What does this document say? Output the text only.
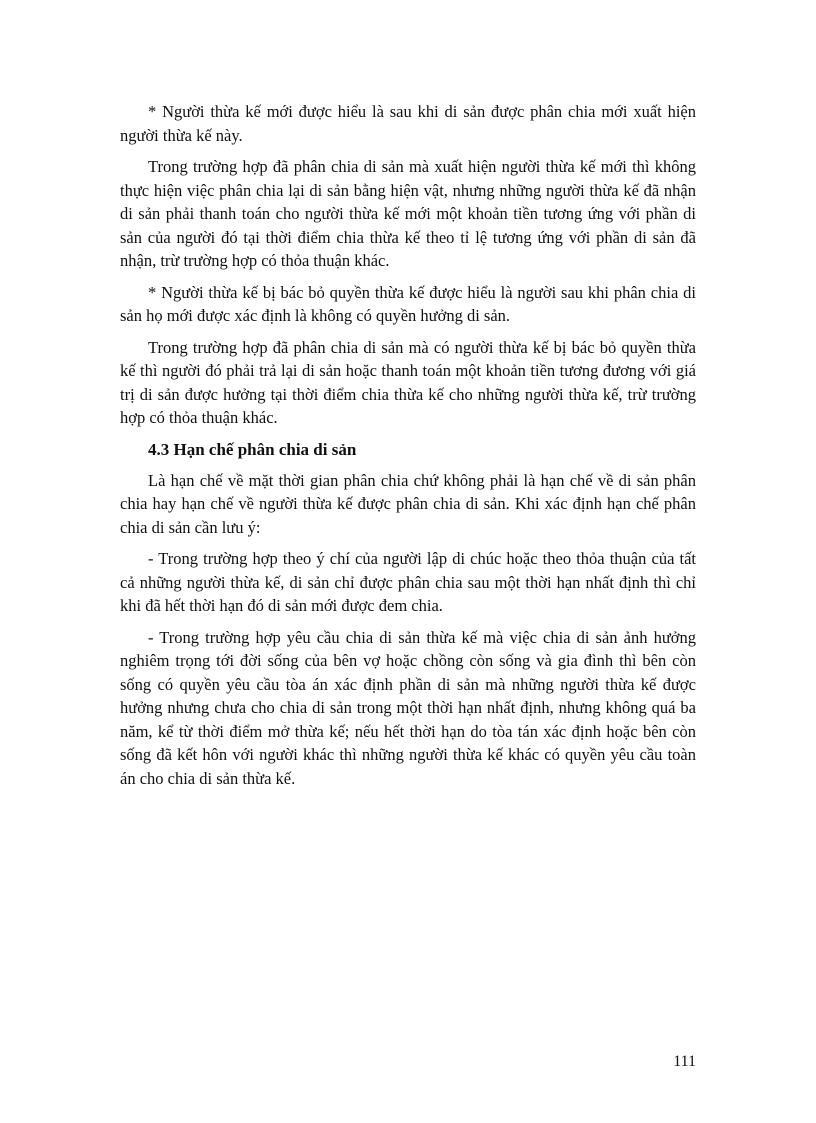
* Người thừa kế mới được hiểu là sau khi di sản được phân chia mới xuất hiện người thừa kế này.

Trong trường hợp đã phân chia di sản mà xuất hiện người thừa kế mới thì không thực hiện việc phân chia lại di sản bằng hiện vật, nhưng những người thừa kế đã nhận di sản phải thanh toán cho người thừa kế mới một khoản tiền tương ứng với phần di sản của người đó tại thời điểm chia thừa kế theo tỉ lệ tương ứng với phần di sản đã nhận, trừ trường hợp có thỏa thuận khác.

* Người thừa kế bị bác bỏ quyền thừa kế được hiểu là người sau khi phân chia di sản họ mới được xác định là không có quyền hưởng di sản.

Trong trường hợp đã phân chia di sản mà có người thừa kế bị bác bỏ quyền thừa kế thì người đó phải trả lại di sản hoặc thanh toán một khoản tiền tương đương với giá trị di sản được hưởng tại thời điểm chia thừa kế cho những người thừa kế, trừ trường hợp có thỏa thuận khác.

4.3 Hạn chế phân chia di sản

Là hạn chế về mặt thời gian phân chia chứ không phải là hạn chế về di sản phân chia hay hạn chế về người thừa kế được phân chia di sản. Khi xác định hạn chế phân chia di sản cần lưu ý:

- Trong trường hợp theo ý chí của người lập di chúc hoặc theo thỏa thuận của tất cả những người thừa kế, di sản chỉ được phân chia sau một thời hạn nhất định thì chỉ khi đã hết thời hạn đó di sản mới được đem chia.

- Trong trường hợp yêu cầu chia di sản thừa kế mà việc chia di sản ảnh hưởng nghiêm trọng tới đời sống của bên vợ hoặc chồng còn sống và gia đình thì bên còn sống có quyền yêu cầu tòa án xác định phần di sản mà những người thừa kế được hưởng nhưng chưa cho chia di sản trong một thời hạn nhất định, nhưng không quá ba năm, kể từ thời điểm mở thừa kế; nếu hết thời hạn do tòa tán xác định hoặc bên còn sống đã kết hôn với người khác thì những người thừa kế khác có quyền yêu cầu toàn án cho chia di sản thừa kế.

111
